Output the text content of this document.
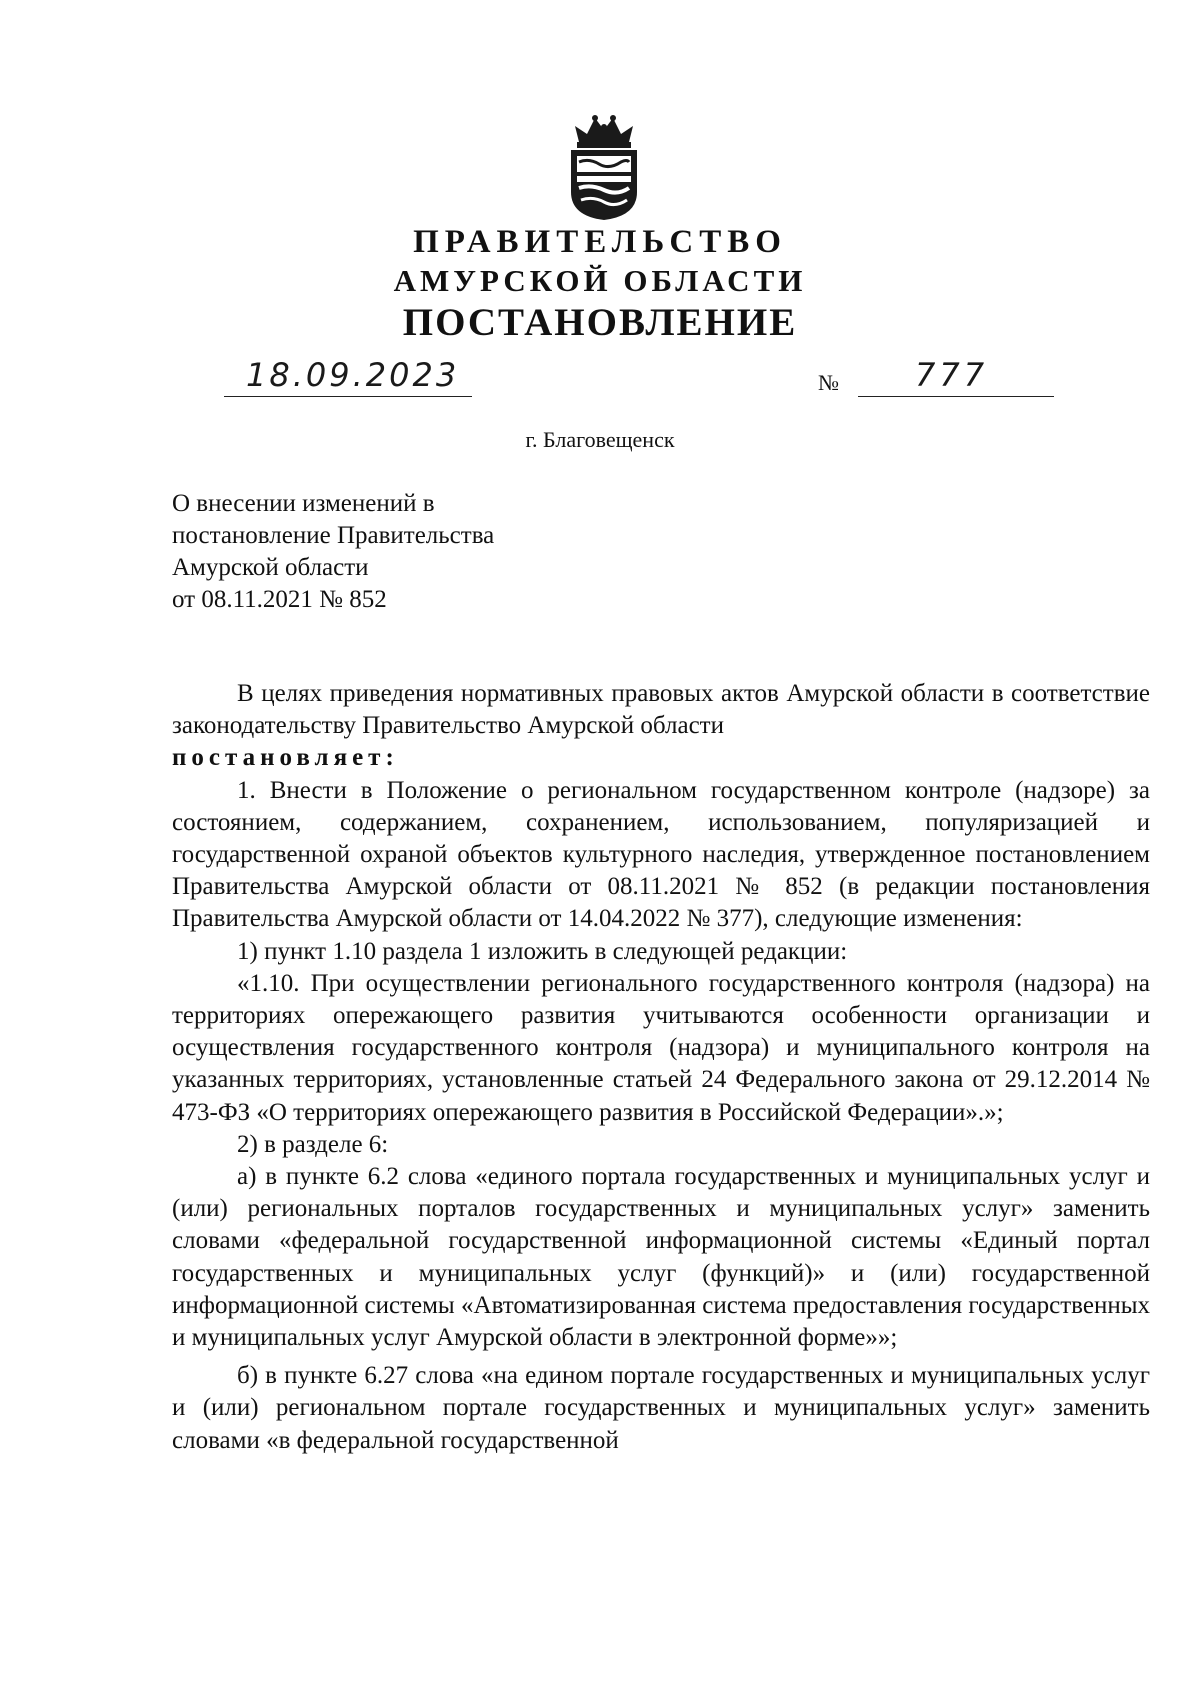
ПРАВИТЕЛЬСТВО
АМУРСКОЙ ОБЛАСТИ
ПОСТАНОВЛЕНИЕ
18.09.2023	№ 777
г. Благовещенск
О внесении изменений в
постановление Правительства
Амурской области
от 08.11.2021 № 852
В целях приведения нормативных правовых актов Амурской области в соответствие законодательству Правительство Амурской области
постановляет:
1. Внести в Положение о региональном государственном контроле (надзоре) за состоянием, содержанием, сохранением, использованием, популяризацией и государственной охраной объектов культурного наследия, утвержденное постановлением Правительства Амурской области от 08.11.2021 № 852 (в редакции постановления Правительства Амурской области от 14.04.2022 № 377), следующие изменения:
1) пункт 1.10 раздела 1 изложить в следующей редакции:
«1.10. При осуществлении регионального государственного контроля (надзора) на территориях опережающего развития учитываются особенности организации и осуществления государственного контроля (надзора) и муниципального контроля на указанных территориях, установленные статьей 24 Федерального закона от 29.12.2014 № 473-ФЗ «О территориях опережающего развития в Российской Федерации».»;
2) в разделе 6:
а) в пункте 6.2 слова «единого портала государственных и муниципальных услуг и (или) региональных порталов государственных и муниципальных услуг» заменить словами «федеральной государственной информационной системы «Единый портал государственных и муниципальных услуг (функций)» и (или) государственной информационной системы «Автоматизированная система предоставления государственных и муниципальных услуг Амурской области в электронной форме»»;
б) в пункте 6.27 слова «на едином портале государственных и муниципальных услуг и (или) региональном портале государственных и муниципальных услуг» заменить словами «в федеральной государственной
